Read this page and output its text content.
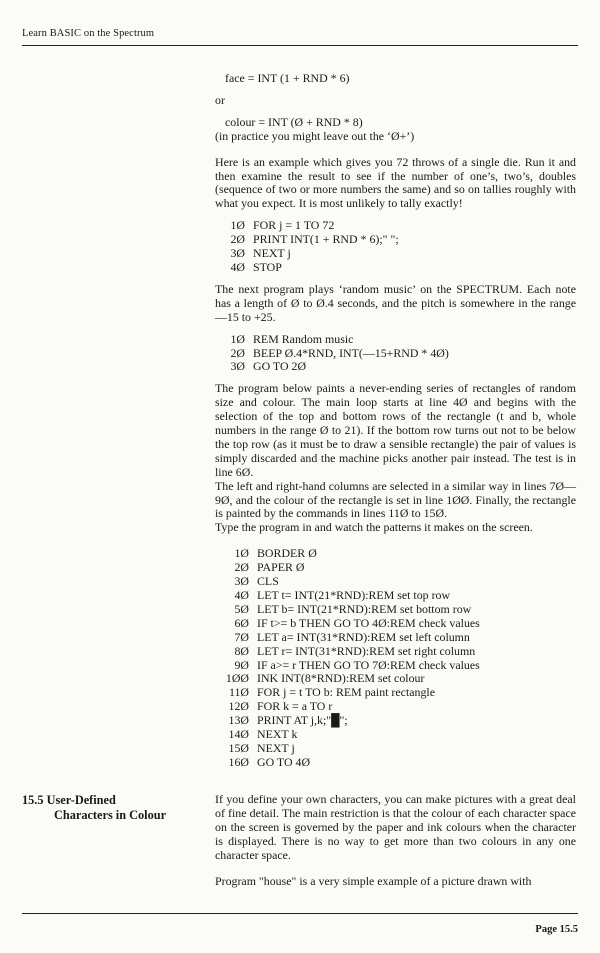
Learn BASIC on the Spectrum

face = INT (1 + RND * 6)

or

colour = INT (Ø + RND * 8)

(in practice you might leave out the ‘Ø+’)

Here is an example which gives you 72 throws of a single die. Run it and then examine the result to see if the number of one’s, two’s, doubles (sequence of two or more numbers the same) and so on tallies roughly with what you expect. It is most unlikely to tally exactly!

1Ø FOR j = 1 TO 72
2Ø PRINT INT(1 + RND * 6);" ";
3Ø NEXT j
4Ø STOP

The next program plays ‘random music’ on the SPECTRUM. Each note has a length of Ø to Ø.4 seconds, and the pitch is somewhere in the range —15 to +25.

1Ø REM Random music
2Ø BEEP Ø.4*RND, INT(—15+RND * 4Ø)
3Ø GO TO 2Ø

The program below paints a never-ending series of rectangles of random size and colour. The main loop starts at line 4Ø and begins with the selection of the top and bottom rows of the rectangle (t and b, whole numbers in the range Ø to 21). If the bottom row turns out not to be below the top row (as it must be to draw a sensible rectangle) the pair of values is simply discarded and the machine picks another pair instead. The test is in line 6Ø.

The left and right-hand columns are selected in a similar way in lines 7Ø—9Ø, and the colour of the rectangle is set in line 1ØØ. Finally, the rectangle is painted by the commands in lines 11Ø to 15Ø.

Type the program in and watch the patterns it makes on the screen.

1Ø BORDER Ø
2Ø PAPER Ø
3Ø CLS
4Ø LET t= INT(21*RND):REM set top row
5Ø LET b= INT(21*RND):REM set bottom row
6Ø IF t>= b THEN GO TO 4Ø:REM check values
7Ø LET a= INT(31*RND):REM set left column
8Ø LET r= INT(31*RND):REM set right column
9Ø IF a>= r THEN GO TO 7Ø:REM check values
1ØØ INK INT(8*RND):REM set colour
11Ø FOR j = t TO b: REM paint rectangle
12Ø FOR k = a TO r
13Ø PRINT AT j,k;"█";
14Ø NEXT k
15Ø NEXT j
16Ø GO TO 4Ø
15.5 User-Defined
Characters in Colour

If you define your own characters, you can make pictures with a great deal of fine detail. The main restriction is that the colour of each character space on the screen is governed by the paper and ink colours when the character is displayed. There is no way to get more than two colours in any one character space.

Program "house" is a very simple example of a picture drawn with

Page 15.5
